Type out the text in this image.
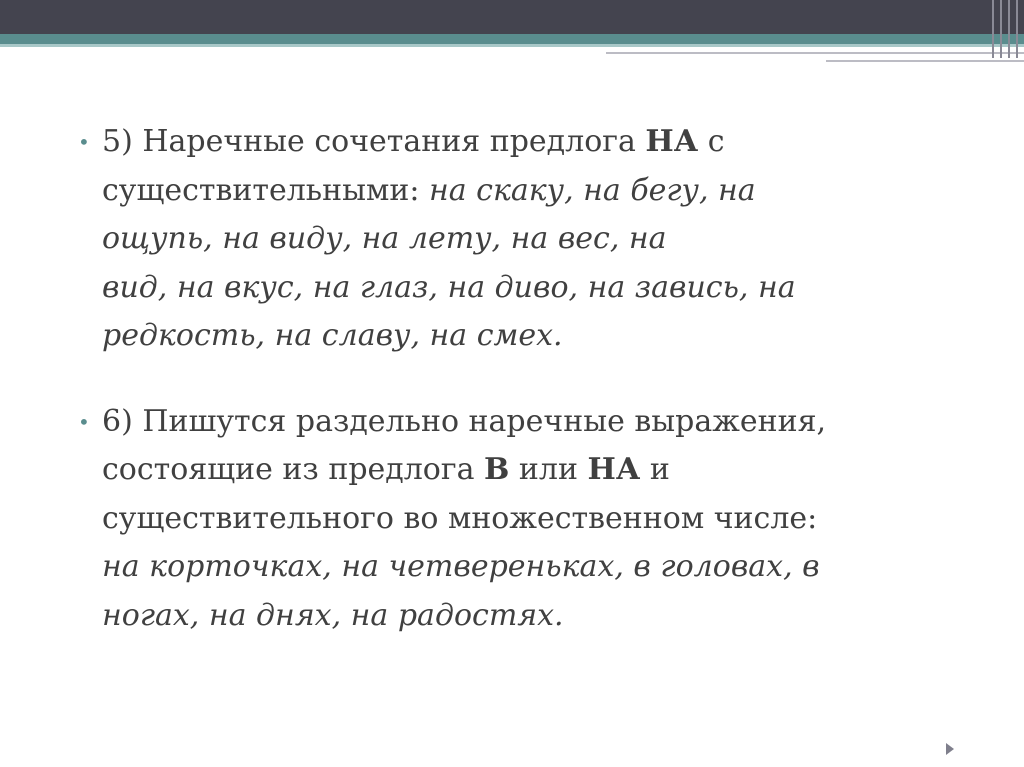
• 5) Наречные сочетания предлога НА с
существительными: на скаку, на бегу, на
ощупь, на виду, на лету, на вес, на
вид, на вкус, на глаз, на диво, на завись, на
редкость, на славу, на смех.
• 6) Пишутся раздельно наречные выражения,
состоящие из предлога В или НА и
существительного во множественном числе:
на корточках, на четвереньках, в головах, в
ногах, на днях, на радостях.
